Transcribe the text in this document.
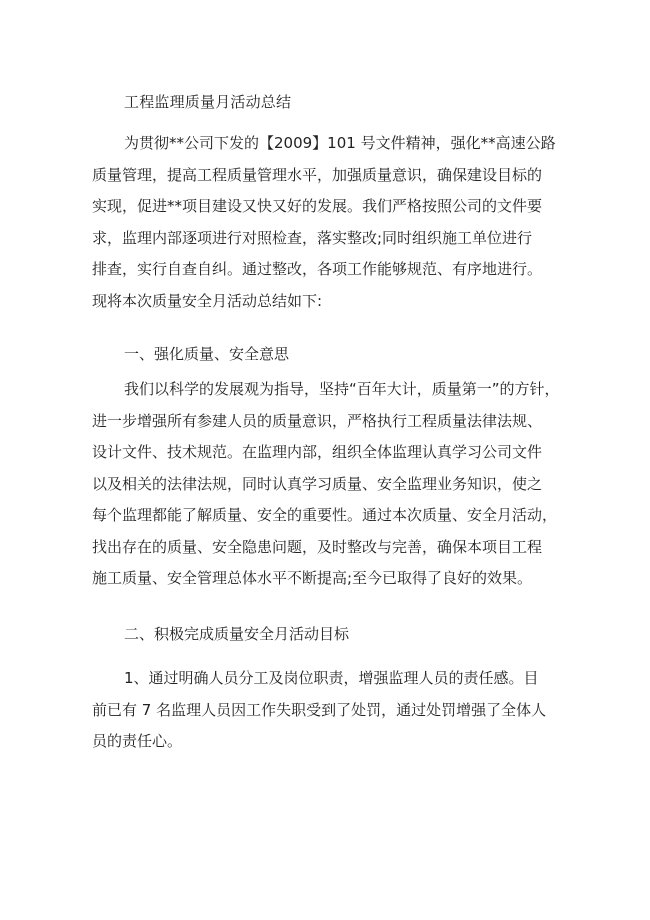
工程监理质量月活动总结

为贯彻**公司下发的【2009】101 号文件精神，强化**高速公路
质量管理，提高工程质量管理水平，加强质量意识，确保建设目标的
实现，促进**项目建设又快又好的发展。我们严格按照公司的文件要
求，监理内部逐项进行对照检查，落实整改;同时组织施工单位进行
排查，实行自查自纠。通过整改，各项工作能够规范、有序地进行。
现将本次质量安全月活动总结如下:

一、强化质量、安全意思

我们以科学的发展观为指导，坚持“百年大计，质量第一”的方针，
进一步增强所有参建人员的质量意识，严格执行工程质量法律法规、
设计文件、技术规范。在监理内部，组织全体监理认真学习公司文件
以及相关的法律法规，同时认真学习质量、安全监理业务知识，使之
每个监理都能了解质量、安全的重要性。通过本次质量、安全月活动，
找出存在的质量、安全隐患问题，及时整改与完善，确保本项目工程
施工质量、安全管理总体水平不断提高;至今已取得了良好的效果。

二、积极完成质量安全月活动目标

1、通过明确人员分工及岗位职责，增强监理人员的责任感。目
前已有 7 名监理人员因工作失职受到了处罚，通过处罚增强了全体人
员的责任心。
